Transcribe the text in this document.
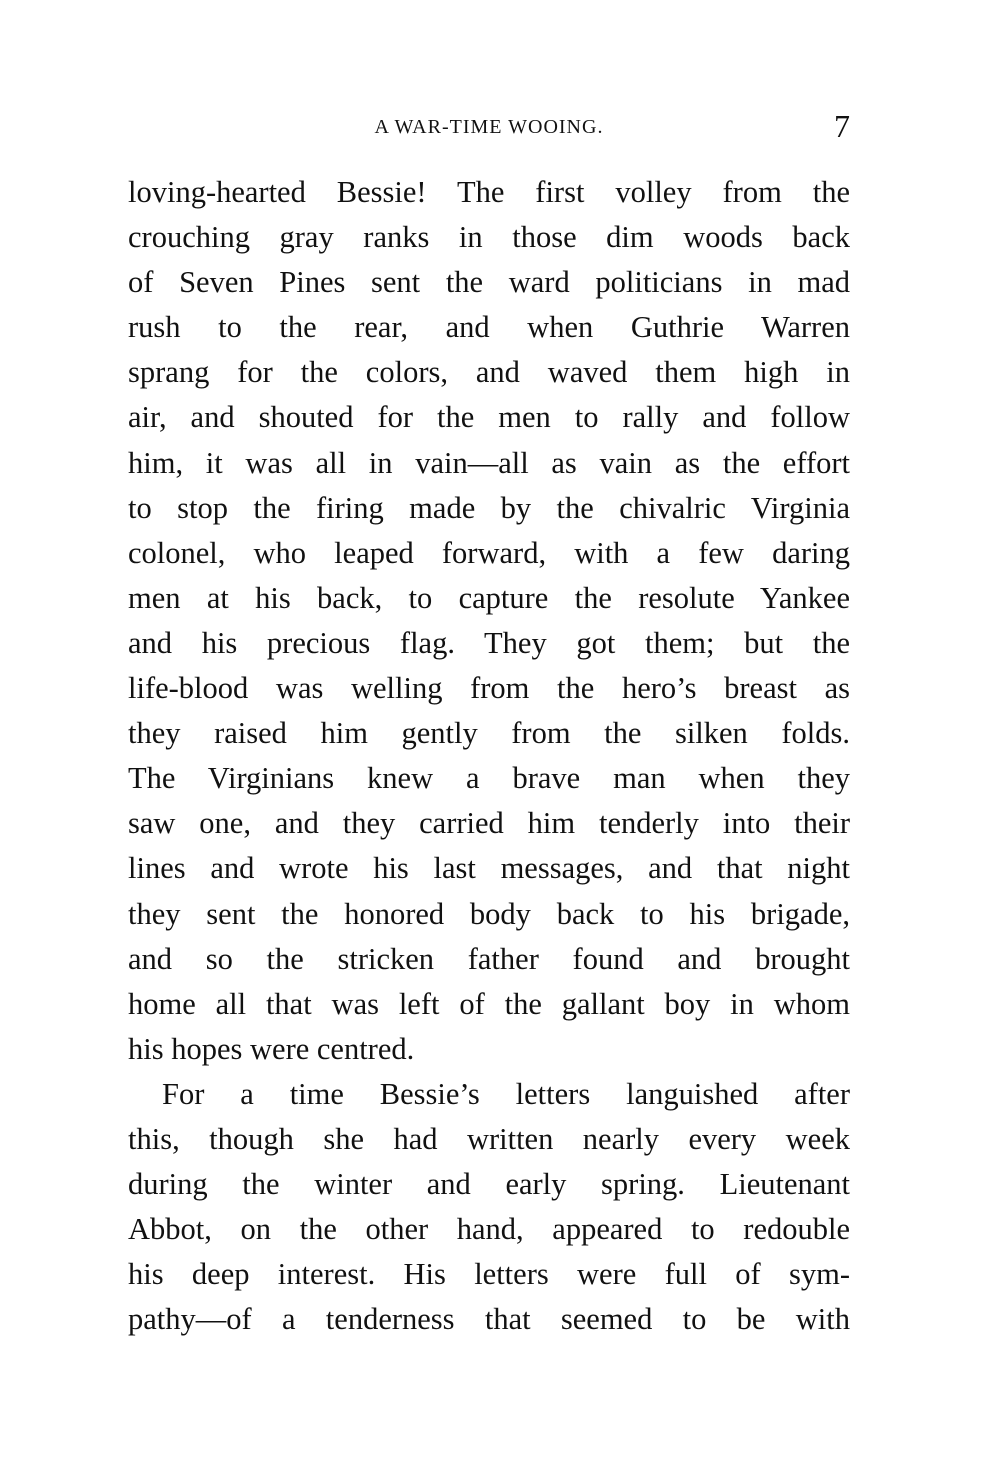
A WAR-TIME WOOING.	7
loving-hearted Bessie! The first volley from the
crouching gray ranks in those dim woods back
of Seven Pines sent the ward politicians in mad
rush to the rear, and when Guthrie Warren
sprang for the colors, and waved them high in
air, and shouted for the men to rally and follow
him, it was all in vain—all as vain as the effort
to stop the firing made by the chivalric Virginia
colonel, who leaped forward, with a few daring
men at his back, to capture the resolute Yankee
and his precious flag. They got them; but the
life-blood was welling from the hero’s breast as
they raised him gently from the silken folds.
The Virginians knew a brave man when they
saw one, and they carried him tenderly into their
lines and wrote his last messages, and that night
they sent the honored body back to his brigade,
and so the stricken father found and brought
home all that was left of the gallant boy in whom
his hopes were centred.
For a time Bessie’s letters languished after
this, though she had written nearly every week
during the winter and early spring. Lieutenant
Abbot, on the other hand, appeared to redouble
his deep interest. His letters were full of sym-
pathy—of a tenderness that seemed to be with
